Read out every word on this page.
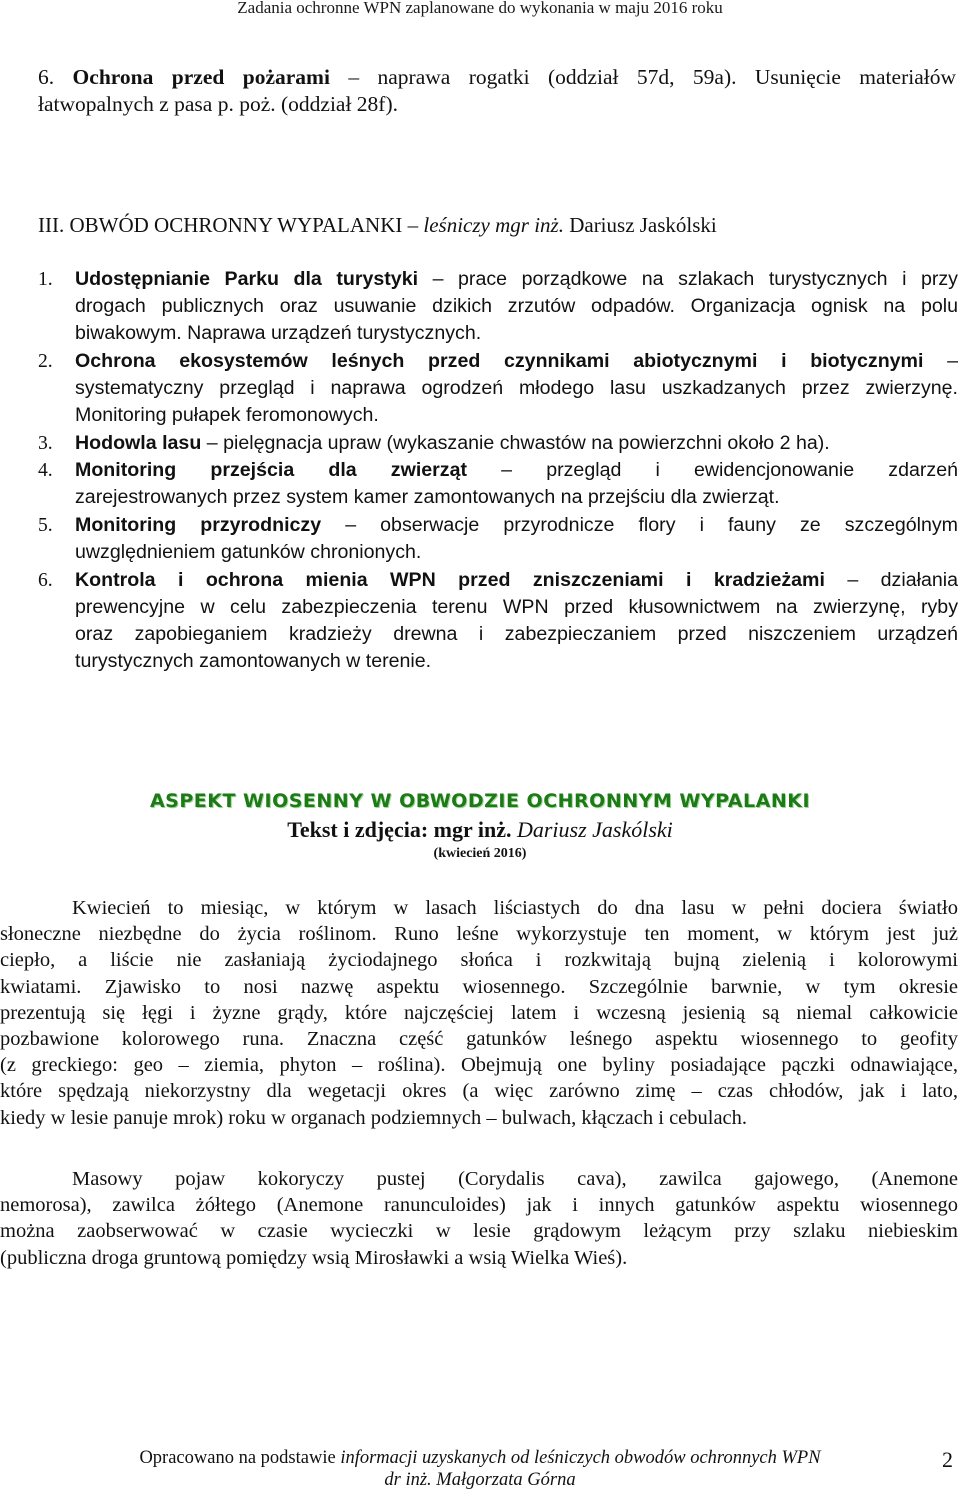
Zadania ochronne WPN zaplanowane do wykonania w maju 2016 roku
6. Ochrona przed pożarami – naprawa rogatki (oddział 57d, 59a). Usunięcie materiałów
łatwopalnych z pasa p. poż. (oddział 28f).
III. OBWÓD OCHRONNY WYPALANKI – leśniczy mgr inż. Dariusz Jaskólski
1.	Udostępnianie Parku dla turystyki – prace porządkowe na szlakach turystycznych i przy
drogach publicznych oraz usuwanie dzikich zrzutów odpadów. Organizacja ognisk na polu
biwakowym. Naprawa urządzeń turystycznych.
2.	Ochrona ekosystemów leśnych przed czynnikami abiotycznymi i biotycznymi –
systematyczny przegląd i naprawa ogrodzeń młodego lasu uszkadzanych przez zwierzynę.
Monitoring pułapek feromonowych.
3.	Hodowla lasu – pielęgnacja upraw (wykaszanie chwastów na powierzchni około 2 ha).
4.	Monitoring przejścia dla zwierząt – przegląd i ewidencjonowanie zdarzeń
zarejestrowanych przez system kamer zamontowanych na przejściu dla zwierząt.
5.	Monitoring przyrodniczy – obserwacje przyrodnicze flory i fauny ze szczególnym
uwzględnieniem gatunków chronionych.
6.	Kontrola i ochrona mienia WPN przed zniszczeniami i kradzieżami – działania
prewencyjne w celu zabezpieczenia terenu WPN przed kłusownictwem na zwierzynę, ryby
oraz zapobieganiem kradzieży drewna i zabezpieczaniem przed niszczeniem urządzeń
turystycznych zamontowanych w terenie.
ASPEKT WIOSENNY W OBWODZIE OCHRONNYM WYPALANKI
Tekst i zdjęcia: mgr inż. Dariusz Jaskólski
(kwiecień 2016)
Kwiecień to miesiąc, w którym w lasach liściastych do dna lasu w pełni dociera światło
słoneczne niezbędne do życia roślinom. Runo leśne wykorzystuje ten moment, w którym jest już
ciepło, a liście nie zasłaniają życiodajnego słońca i rozkwitają bujną zielenią i kolorowymi
kwiatami. Zjawisko to nosi nazwę aspektu wiosennego. Szczególnie barwnie, w tym okresie
prezentują się łęgi i żyzne grądy, które najczęściej latem i wczesną jesienią są niemal całkowicie
pozbawione kolorowego runa. Znaczna część gatunków leśnego aspektu wiosennego to geofity
(z greckiego: geo – ziemia, phyton – roślina). Obejmują one byliny posiadające pączki odnawiające,
które spędzają niekorzystny dla wegetacji okres (a więc zarówno zimę – czas chłodów, jak i lato,
kiedy w lesie panuje mrok) roku w organach podziemnych – bulwach, kłączach i cebulach.
Masowy pojaw kokoryczy pustej (Corydalis cava), zawilca gajowego, (Anemone
nemorosa), zawilca żółtego (Anemone ranunculoides) jak i innych gatunków aspektu wiosennego
można zaobserwować w czasie wycieczki w lesie grądowym leżącym przy szlaku niebieskim
(publiczna droga gruntową pomiędzy wsią Mirosławki a wsią Wielka Wieś).
Opracowano na podstawie informacji uzyskanych od leśniczych obwodów ochronnych WPN
dr inż. Małgorzata Górna
2
